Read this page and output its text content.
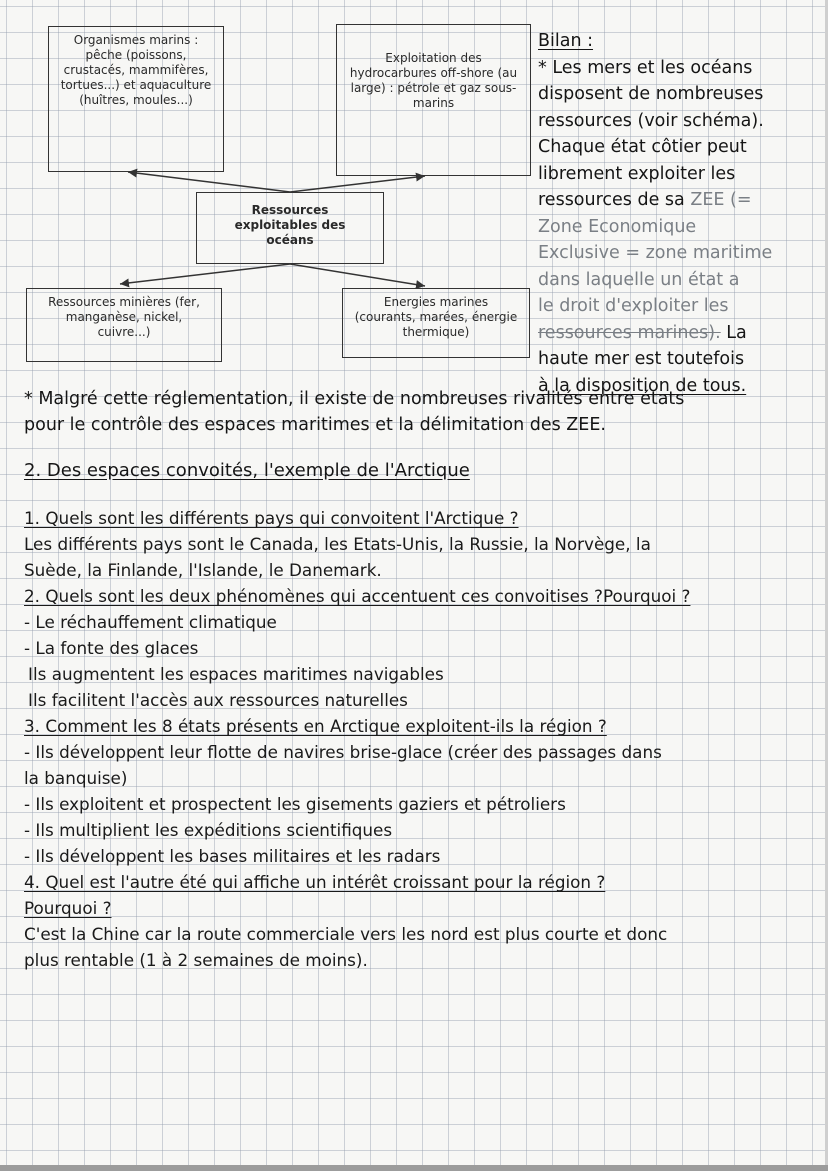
Organismes marins : pêche (poissons, crustacés, mammifères, tortues...) et aquaculture (huîtres, moules...)
Exploitation des hydrocarbures off-shore (au large) : pétrole et gaz sous-marins
Ressources exploitables des océans
Ressources minières (fer, manganèse, nickel, cuivre...)
Energies marines (courants, marées, énergie thermique)
Bilan :
* Les mers et les océans
disposent de nombreuses
ressources (voir schéma).
Chaque état côtier peut
librement exploiter les
ressources de sa ZEE (=
Zone Economique
Exclusive = zone maritime
dans laquelle un état a
le droit d'exploiter les
ressources marines). La
haute mer est toutefois
à la disposition de tous.
* Malgré cette réglementation, il existe de nombreuses rivalités entre états
pour le contrôle des espaces maritimes et la délimitation des ZEE.
2. Des espaces convoités, l'exemple de l'Arctique
1. Quels sont les différents pays qui convoitent l'Arctique ?
Les différents pays sont le Canada, les Etats-Unis, la Russie, la Norvège, la
Suède, la Finlande, l'Islande, le Danemark.
2. Quels sont les deux phénomènes qui accentuent ces convoitises ?Pourquoi ?
- Le réchauffement climatique
- La fonte des glaces
Ils augmentent les espaces maritimes navigables
Ils facilitent l'accès aux ressources naturelles
3. Comment les 8 états présents en Arctique exploitent-ils la région ?
- Ils développent leur flotte de navires brise-glace (créer des passages dans
la banquise)
- Ils exploitent et prospectent les gisements gaziers et pétroliers
- Ils multiplient les expéditions scientifiques
- Ils développent les bases militaires et les radars
4. Quel est l'autre été qui affiche un intérêt croissant pour la région ?
Pourquoi ?
C'est la Chine car la route commerciale vers les nord est plus courte et donc
plus rentable (1 à 2 semaines de moins).
